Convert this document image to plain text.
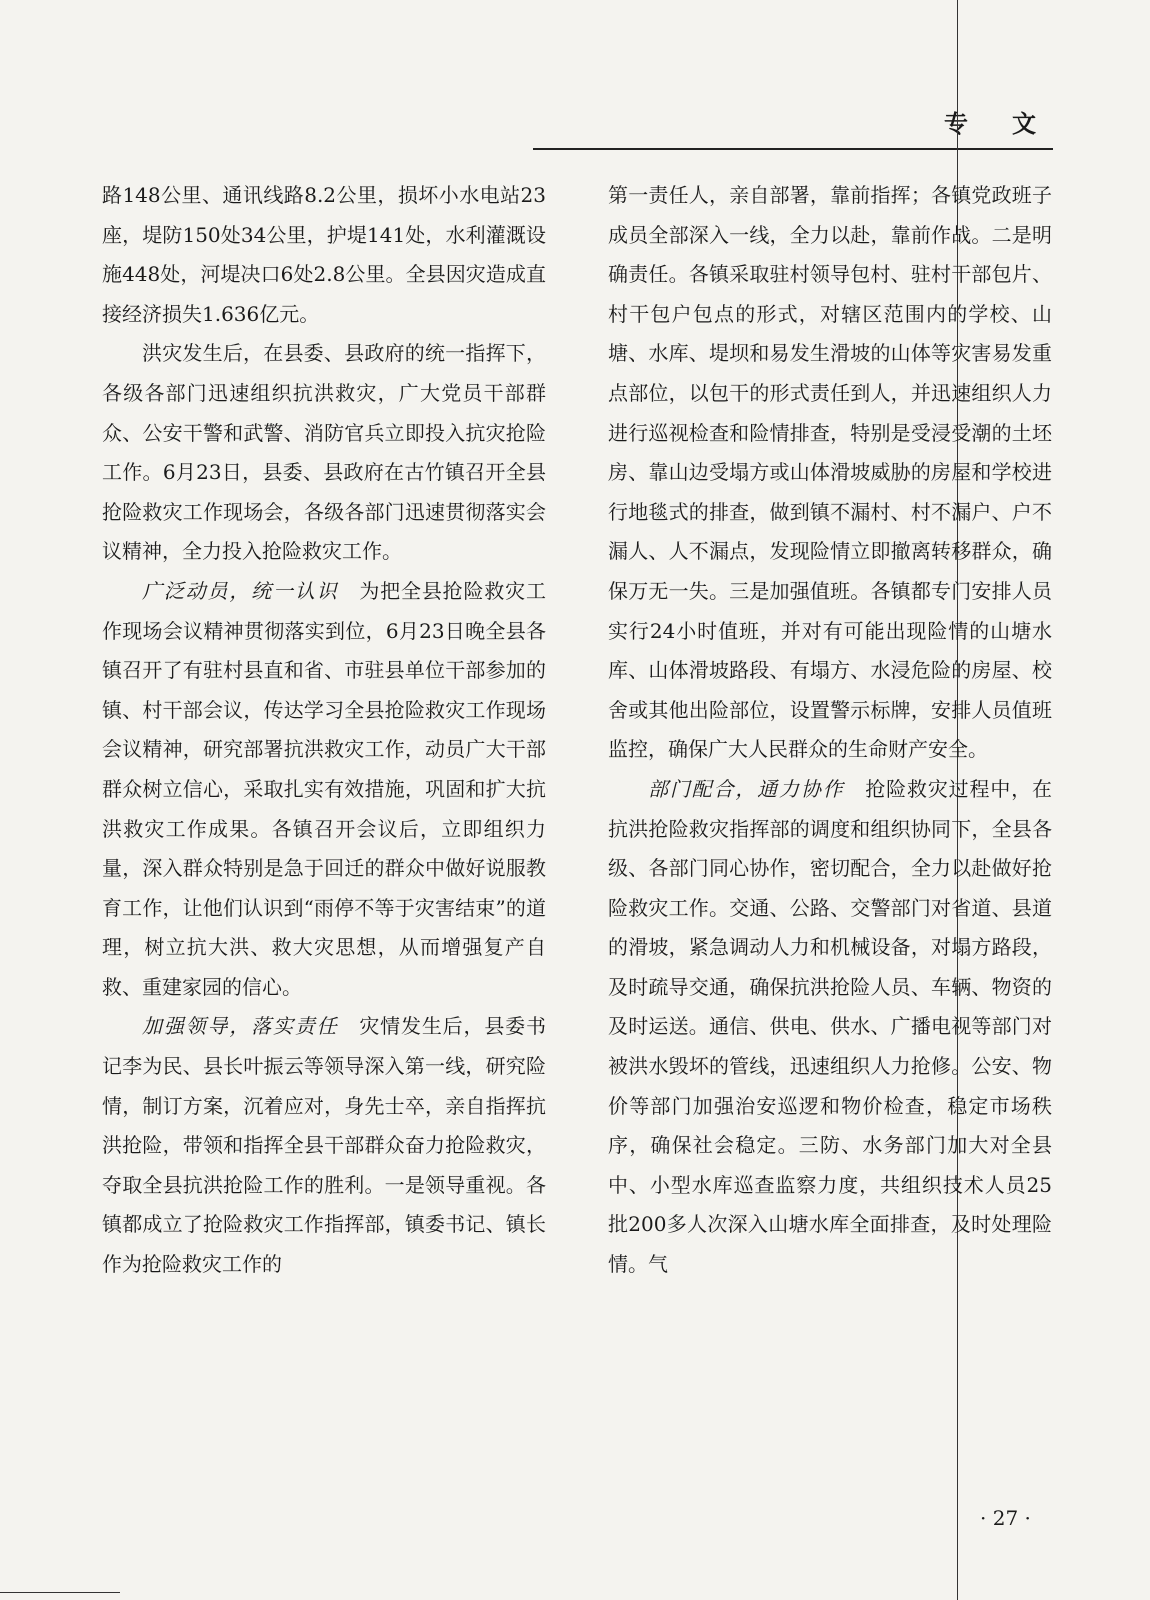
专 文

路148公里、通讯线路8.2公里，损坏小水电站23座，堤防150处34公里，护堤141处，水利灌溉设施448处，河堤决口6处2.8公里。全县因灾造成直接经济损失1.636亿元。

洪灾发生后，在县委、县政府的统一指挥下，各级各部门迅速组织抗洪救灾，广大党员干部群众、公安干警和武警、消防官兵立即投入抗灾抢险工作。6月23日，县委、县政府在古竹镇召开全县抢险救灾工作现场会，各级各部门迅速贯彻落实会议精神，全力投入抢险救灾工作。

广泛动员，统一认识　 为把全县抢险救灾工作现场会议精神贯彻落实到位，6月23日晚全县各镇召开了有驻村县直和省、市驻县单位干部参加的镇、村干部会议，传达学习全县抢险救灾工作现场会议精神，研究部署抗洪救灾工作，动员广大干部群众树立信心，采取扎实有效措施，巩固和扩大抗洪救灾工作成果。各镇召开会议后，立即组织力量，深入群众特别是急于回迁的群众中做好说服教育工作，让他们认识到“雨停不等于灾害结束”的道理，树立抗大洪、救大灾思想，从而增强复产自救、重建家园的信心。

加强领导，落实责任　 灾情发生后，县委书记李为民、县长叶振云等领导深入第一线，研究险情，制订方案，沉着应对，身先士卒，亲自指挥抗洪抢险，带领和指挥全县干部群众奋力抢险救灾，夺取全县抗洪抢险工作的胜利。一是领导重视。各镇都成立了抢险救灾工作指挥部，镇委书记、镇长作为抢险救灾工作的

第一责任人，亲自部署，靠前指挥；各镇党政班子成员全部深入一线，全力以赴，靠前作战。二是明确责任。各镇采取驻村领导包村、驻村干部包片、村干包户包点的形式，对辖区范围内的学校、山塘、水库、堤坝和易发生滑坡的山体等灾害易发重点部位，以包干的形式责任到人，并迅速组织人力进行巡视检查和险情排查，特别是受浸受潮的土坯房、靠山边受塌方或山体滑坡威胁的房屋和学校进行地毯式的排查，做到镇不漏村、村不漏户、户不漏人、人不漏点，发现险情立即撤离转移群众，确保万无一失。三是加强值班。各镇都专门安排人员实行24小时值班，并对有可能出现险情的山塘水库、山体滑坡路段、有塌方、水浸危险的房屋、校舍或其他出险部位，设置警示标牌，安排人员值班监控，确保广大人民群众的生命财产安全。

部门配合，通力协作　 抢险救灾过程中，在抗洪抢险救灾指挥部的调度和组织协同下，全县各级、各部门同心协作，密切配合，全力以赴做好抢险救灾工作。交通、公路、交警部门对省道、县道的滑坡，紧急调动人力和机械设备，对塌方路段，及时疏导交通，确保抗洪抢险人员、车辆、物资的及时运送。通信、供电、供水、广播电视等部门对被洪水毁坏的管线，迅速组织人力抢修。公安、物价等部门加强治安巡逻和物价检查，稳定市场秩序，确保社会稳定。三防、水务部门加大对全县中、小型水库巡查监察力度，共组织技术人员25批200多人次深入山塘水库全面排查，及时处理险情。气

· 27 ·
